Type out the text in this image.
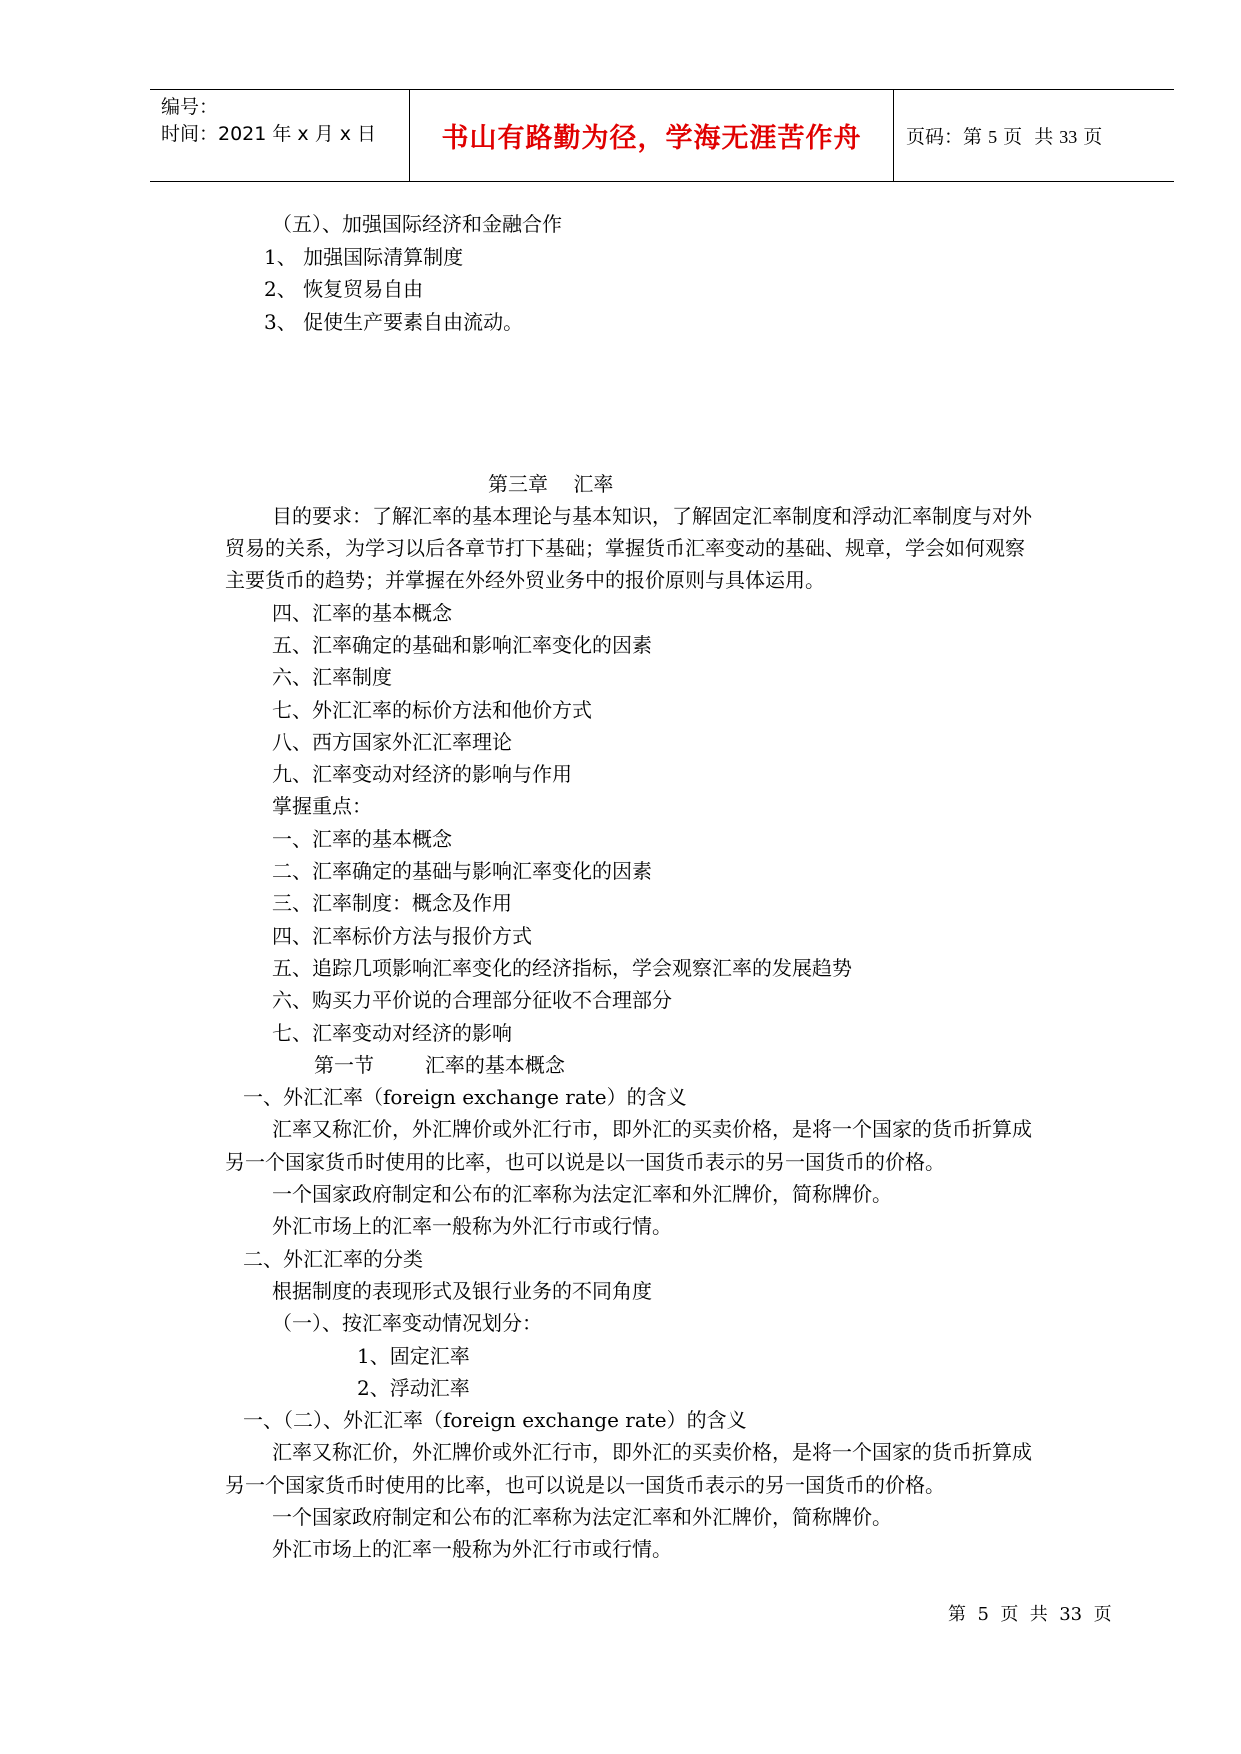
编号：
时间：2021 年 x 月 x 日	书山有路勤为径，学海无涯苦作舟	页码：第 5 页  共 33 页
（五）、加强国际经济和金融合作
1、 加强国际清算制度
2、 恢复贸易自由
3、 促使生产要素自由流动。
第三章    汇率
目的要求：了解汇率的基本理论与基本知识，了解固定汇率制度和浮动汇率制度与对外
贸易的关系，为学习以后各章节打下基础；掌握货币汇率变动的基础、规章，学会如何观察
主要货币的趋势；并掌握在外经外贸业务中的报价原则与具体运用。
四、汇率的基本概念
五、汇率确定的基础和影响汇率变化的因素
六、汇率制度
七、外汇汇率的标价方法和他价方式
八、西方国家外汇汇率理论
九、汇率变动对经济的影响与作用
掌握重点：
一、汇率的基本概念
二、汇率确定的基础与影响汇率变化的因素
三、汇率制度：概念及作用
四、汇率标价方法与报价方式
五、追踪几项影响汇率变化的经济指标，学会观察汇率的发展趋势
六、购买力平价说的合理部分征收不合理部分
七、汇率变动对经济的影响
第一节        汇率的基本概念
一、外汇汇率（foreign exchange rate）的含义
汇率又称汇价，外汇牌价或外汇行市，即外汇的买卖价格，是将一个国家的货币折算成
另一个国家货币时使用的比率，也可以说是以一国货币表示的另一国货币的价格。
一个国家政府制定和公布的汇率称为法定汇率和外汇牌价，简称牌价。
外汇市场上的汇率一般称为外汇行市或行情。
二、外汇汇率的分类
根据制度的表现形式及银行业务的不同角度
（一）、按汇率变动情况划分：
1、固定汇率
2、浮动汇率
一、（二）、外汇汇率（foreign exchange rate）的含义
汇率又称汇价，外汇牌价或外汇行市，即外汇的买卖价格，是将一个国家的货币折算成
另一个国家货币时使用的比率，也可以说是以一国货币表示的另一国货币的价格。
一个国家政府制定和公布的汇率称为法定汇率和外汇牌价，简称牌价。
外汇市场上的汇率一般称为外汇行市或行情。
第  5  页  共  33  页
